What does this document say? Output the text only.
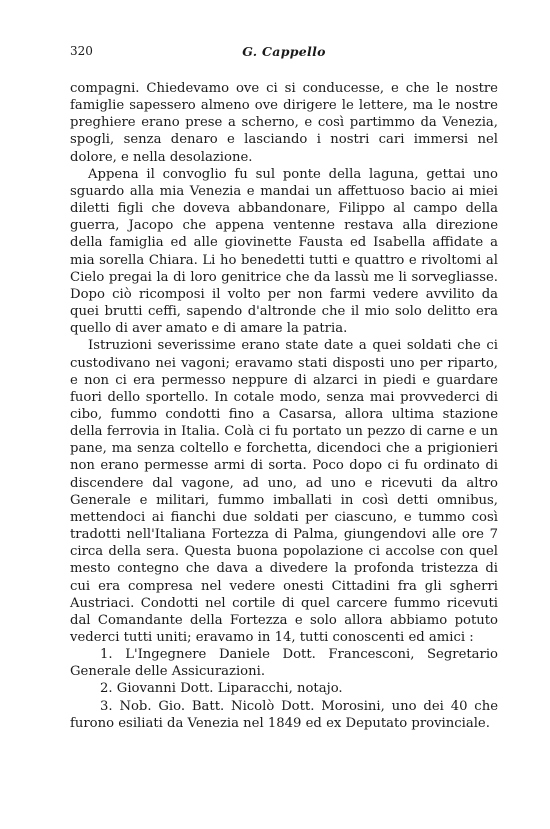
320	G. Cappello

compagni. Chiedevamo ove ci si conducesse, e che le nostre famiglie sapessero almeno ove dirigere le lettere, ma le nostre preghiere erano prese a scherno, e così partimmo da Venezia, spogli, senza denaro e lasciando i nostri cari immersi nel dolore, e nella desolazione.

Appena il convoglio fu sul ponte della laguna, gettai uno sguardo alla mia Venezia e mandai un affettuoso bacio ai miei diletti figli che doveva abbandonare, Filippo al campo della guerra, Jacopo che appena ventenne restava alla direzione della famiglia ed alle giovinette Fausta ed Isabella affidate a mia sorella Chiara. Li ho benedetti tutti e quattro e rivoltomi al Cielo pregai la di loro genitrice che da lassù me li sorvegliasse. Dopo ciò ricomposi il volto per non farmi vedere avvilito da quei brutti ceffi, sapendo d'altronde che il mio solo delitto era quello di aver amato e di amare la patria.

Istruzioni severissime erano state date a quei soldati che ci custodivano nei vagoni; eravamo stati disposti uno per riparto, e non ci era permesso neppure di alzarci in piedi e guardare fuori dello sportello. In cotale modo, senza mai provvederci di cibo, fummo condotti fino a Casarsa, allora ultima stazione della ferrovia in Italia. Colà ci fu portato un pezzo di carne e un pane, ma senza coltello e forchetta, dicendoci che a prigionieri non erano permesse armi di sorta. Poco dopo ci fu ordinato di discendere dal vagone, ad uno, ad uno e ricevuti da altro Generale e militari, fummo imballati in così detti omnibus, mettendoci ai fianchi due soldati per ciascuno, e tummo così tradotti nell'Italiana Fortezza di Palma, giungendovi alle ore 7 circa della sera. Questa buona popolazione ci accolse con quel mesto contegno che dava a divedere la profonda tristezza di cui era compresa nel vedere onesti Cittadini fra gli sgherri Austriaci. Condotti nel cortile di quel carcere fummo ricevuti dal Comandante della Fortezza e solo allora abbiamo potuto vederci tutti uniti; eravamo in 14, tutti conoscenti ed amici :

1. L'Ingegnere Daniele Dott. Francesconi, Segretario Generale delle Assicurazioni.
2. Giovanni Dott. Liparacchi, notajo.
3. Nob. Gio. Batt. Nicolò Dott. Morosini, uno dei 40 che furono esiliati da Venezia nel 1849 ed ex Deputato provinciale.
